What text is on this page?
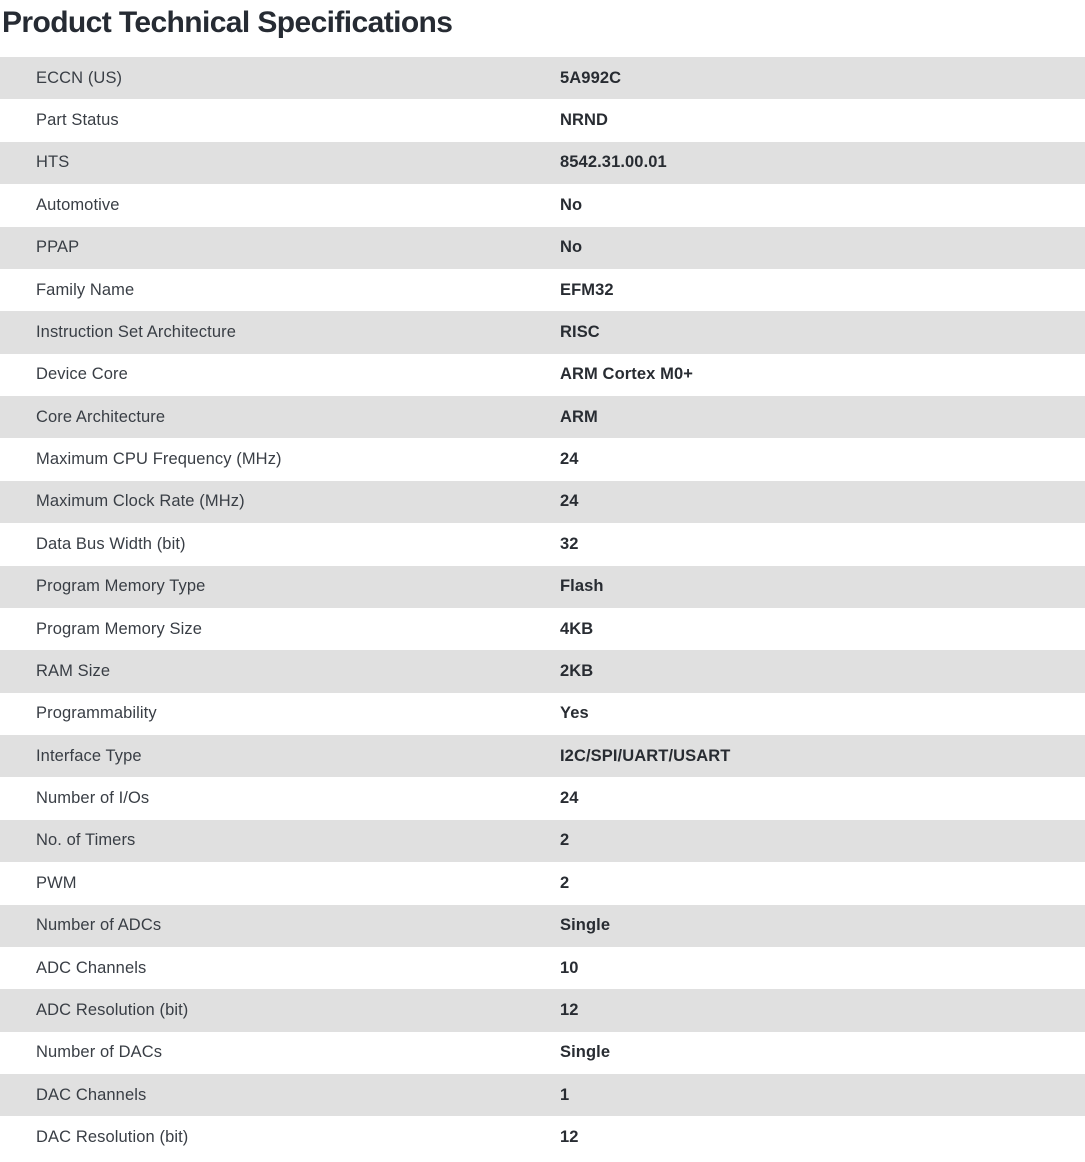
Product Technical Specifications
ECCN (US)	5A992C
Part Status	NRND
HTS	8542.31.00.01
Automotive	No
PPAP	No
Family Name	EFM32
Instruction Set Architecture	RISC
Device Core	ARM Cortex M0+
Core Architecture	ARM
Maximum CPU Frequency (MHz)	24
Maximum Clock Rate (MHz)	24
Data Bus Width (bit)	32
Program Memory Type	Flash
Program Memory Size	4KB
RAM Size	2KB
Programmability	Yes
Interface Type	I2C/SPI/UART/USART
Number of I/Os	24
No. of Timers	2
PWM	2
Number of ADCs	Single
ADC Channels	10
ADC Resolution (bit)	12
Number of DACs	Single
DAC Channels	1
DAC Resolution (bit)	12
